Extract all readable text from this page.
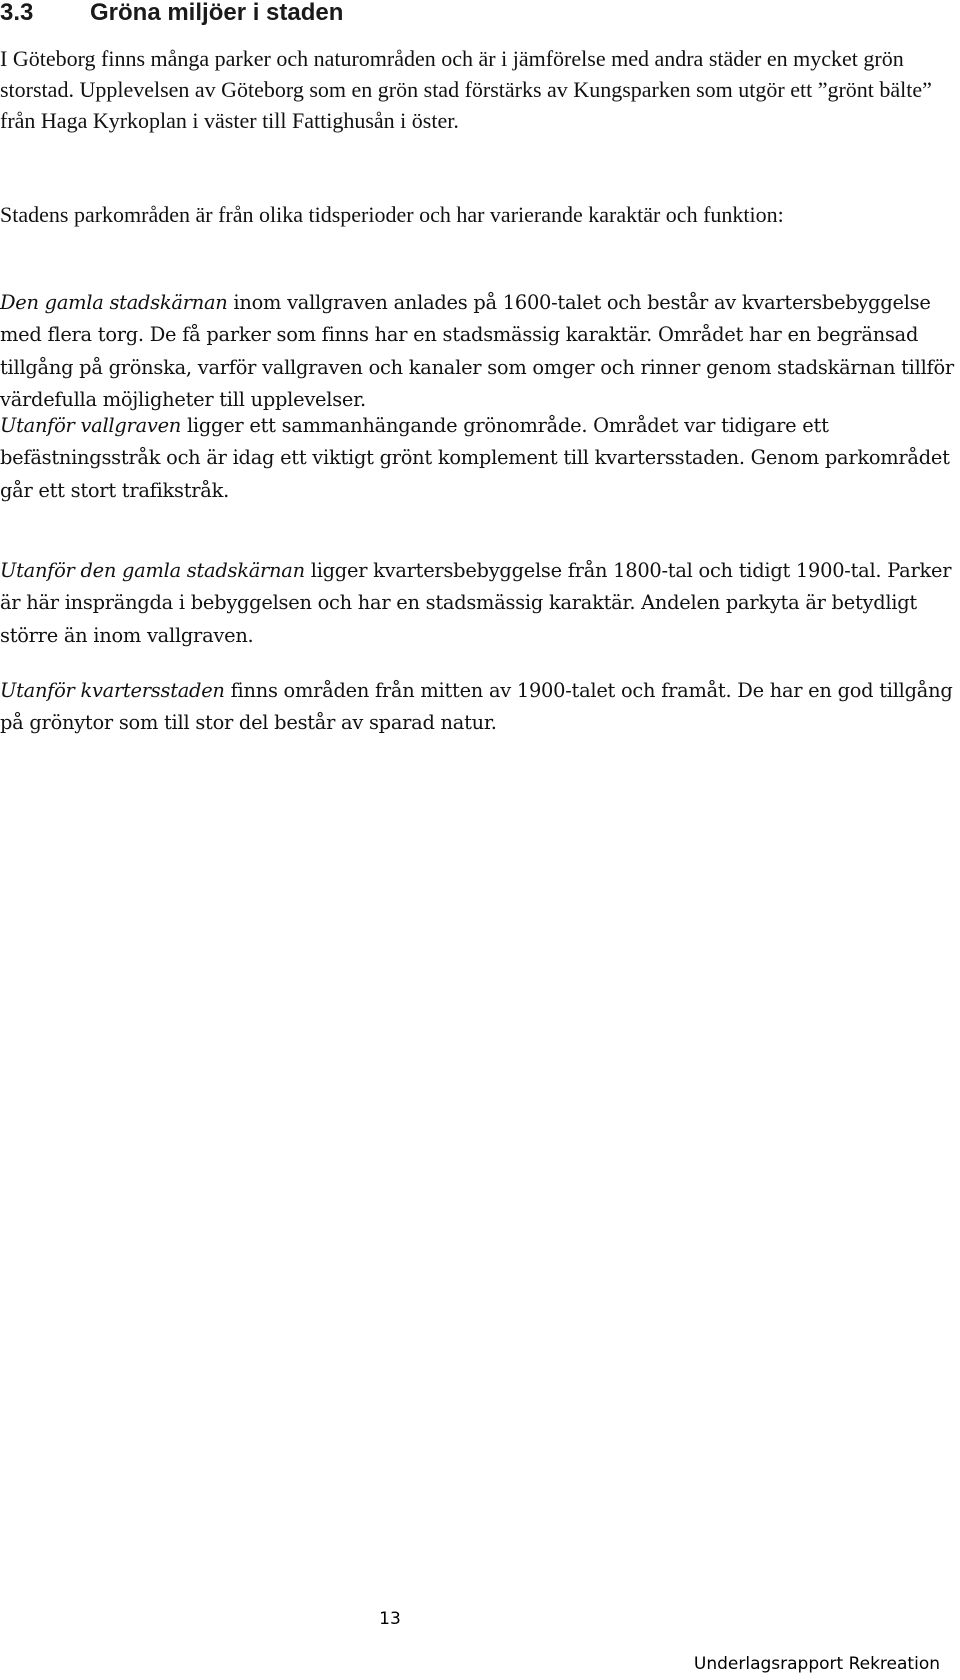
3.3 Gröna miljöer i staden

I Göteborg finns många parker och naturområden och är i jämförelse med andra städer en mycket grön storstad. Upplevelsen av Göteborg som en grön stad förstärks av Kungsparken som utgör ett ”grönt bälte” från Haga Kyrkoplan i väster till Fattighusån i öster.

Stadens parkområden är från olika tidsperioder och har varierande karaktär och funktion:

Den gamla stadskärnan inom vallgraven anlades på 1600-talet och består av kvartersbebyggelse med flera torg. De få parker som finns har en stadsmässig karaktär. Området har en begränsad tillgång på grönska, varför vallgraven och kanaler som omger och rinner genom stadskärnan tillför värdefulla möjligheter till upplevelser.

Utanför vallgraven ligger ett sammanhängande grönområde. Området var tidigare ett befästningsstråk och är idag ett viktigt grönt komplement till kvartersstaden. Genom parkområdet går ett stort trafikstråk.

Utanför den gamla stadskärnan ligger kvartersbebyggelse från 1800-tal och tidigt 1900-tal. Parker är här insprängda i bebyggelsen och har en stadsmässig karaktär. Andelen parkyta är betydligt större än inom vallgraven.

Utanför kvartersstaden finns områden från mitten av 1900-talet och framåt. De har en god tillgång på grönytor som till stor del består av sparad natur.

13
Underlagsrapport Rekreation
